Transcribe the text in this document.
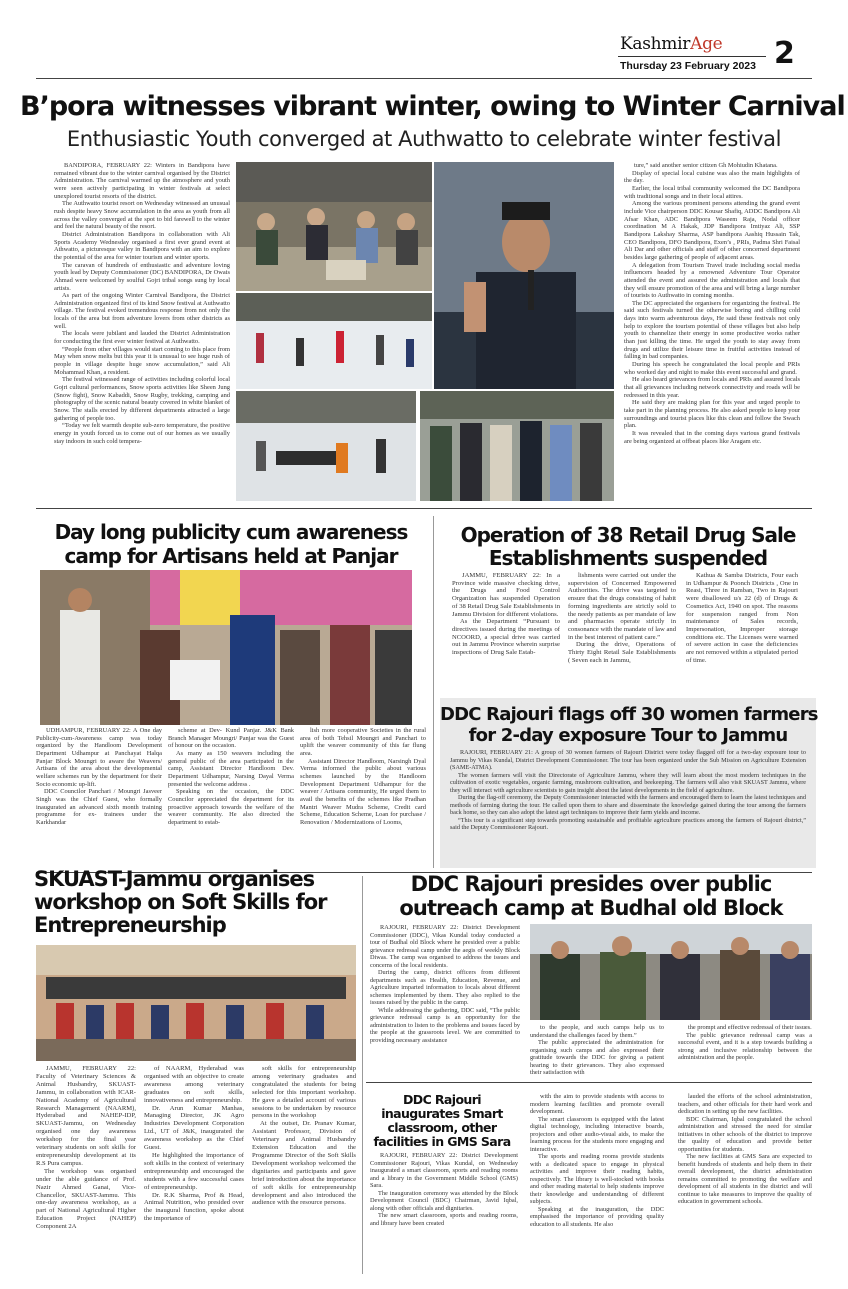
KashmirAge
Thursday 23 February 2023 2
B’pora witnesses vibrant winter, owing to Winter Carnival
Enthusiastic Youth converged at Authwatto to celebrate winter festival

BANDIPORA, FEBRUARY 22: Winters in Bandipora have remained vibrant due to the winter carnival organised by the District Administration. The carnival warmed up the atmosphere and youth were seen actively participating in winter festivals at select unexplored tourist resorts of the district.

The Authwatto tourist resort on Wednesday witnessed an unusual rush despite heavy Snow accumulation in the area as youth from all across the valley converged at the spot to bid farewell to the winter and feel the natural beauty of the resort.

District Administration Bandipora in collaboration with Ali Sports Academy Wednesday organised a first ever grand event at Athwatto, a picturesque valley in Bandipora with an aim to explore the potential of the area for winter tourism and winter sports.

The caravan of hundreds of enthusiastic and adventure loving youth lead by Deputy Commissioner (DC) BANDIPORA, Dr Owais Ahmad were welcomed by soulful Gojri tribal songs sung by local artists.

As part of the ongoing Winter Carnival Bandipora, the District Administration organized first of its kind Snow festival at Authwatto village. The festival evoked tremendous response from not only the locals of the area but from adventure lovers from other districts as well.

The locals were jubilant and lauded the District Administration for conducting the first ever winter festival at Authwatto.

“People from other villages would start coming to this place from May when snow melts but this year it is unusual to see huge rush of people in village despite huge snow accumulation,” said Ali Mohammad Khan, a resident.

The festival witnessed range of activities including colorful local Gojri cultural performances, Snow sports activities like Sheen Jung (Snow fight), Snow Kabaddi, Snow Rugby, trekking, camping and photography of the scenic natural beauty covered in white blanket of Snow. The stalls erected by different departments attracted a large gathering of people too.

“Today we felt warmth despite sub-zero temperature, the positive energy in youth forced us to come out of our homes as we usually stay indoors in such cold tempera-

ture,” said another senior citizen Gh Mohiudin Khatana.

Display of special local cuisine was also the main highlights of the day.

Earlier, the local tribal community welcomed the DC Bandipora with traditional songs and in their local attires.

Among the various prominent persons attending the grand event include Vice chairperson DDC Kousar Shafiq, ADDC Bandipora Ali Afsar Khan, ADC Bandipora Waseem Raja, Nodal officer coordination M A Hakak, JDP Bandipora Imtiyaz Ali, SSP Bandipora Lakshay Sharma, ASP bandipora Aashiq Hussain Tak, CEO Bandipora, DFO Bandipora, Exen’s , PRIs, Padma Shri Faisal Ali Dar and other officials and staff of other concerned department besides large gathering of people of adjacent areas.

A delegation from Tourism Travel trade including social media influencers headed by a renowned Adventure Tour Operator attended the event and assured the administration and locals that they will ensure promotion of the area and will bring a large number of tourists to Authwatto in coming months.

The DC appreciated the organisers for organizing the festival. He said such festivals turned the otherwise boring and chilling cold days into warm adventurous days, He said these festivals not only help to explore the tourism potential of these villages but also help youth to channelize their energy in some productive works rather than just killing the time. He urged the youth to stay away from drugs and utilize their leisure time in fruitful activities instead of falling in bad companies.

During his speech he congratulated the local people and PRIs who worked day and night to make this event successful and grand.

He also heard grievances from locals and PRIs and assured locals that all grievances including network connectivity and roads will be redressed in this year.

He said they are making plan for this year and urged people to take part in the planning process. He also asked people to keep your surroundings and tourist places like this clean and follow the Swach plan.

It was revealed that in the coming days various grand festivals are being organized at offbeat places like Aragam etc.

Day long publicity cum awareness
camp for Artisans held at Panjar

UDHAMPUR, FEBRUARY 22: A One day Publicity-cum-Awareness camp was today organized by the Handloom Development Department Udhampur at Panchayat Halqa Panjar Block Moungri to aware the Weavers/ Artisans of the area about the developmental welfare schemes run by the department for their Socio economic up-lift.

DDC Councilor Panchari / Moungri Jasveer Singh was the Chief Guest, who formally inaugurated an advanced sixth month training programme for ex- trainees under the Karkhandar

scheme at Dev- Kund Panjar. J&K Bank Branch Manager Moungri/ Panjar was the Guest of honour on the occasion.

As many as 150 weavers including the general public of the area participated in the camp, Assistant Director Handloom Dev. Department Udhampur, Narsing Dayal Verma presented the welcome address .

Speaking on the occasion, the DDC Councilor appreciated the department for its proactive approach towards the welfare of the weaver community. He also directed the department to estab-

lish more cooperative Societies in the rural area of both Tehsil Moungri and Panchari to uplift the weaver community of this far flung area.

Assistant Director Handloom, Narsingh Dyal Verma informed the public about various schemes launched by the Handloom Development Department Udhampur for the weaver / Artisans community, He urged them to avail the benefits of the schemes like Pradhan Mantri Weaver Mudra Scheme, Credit card Scheme, Education Scheme, Loan for purchase / Renovation / Modernizations of Looms,

Operation of 38 Retail Drug Sale
Establishments suspended

JAMMU, FEBRUARY 22: In a Province wide massive checking drive, the Drugs and Food Control Organization has suspended Operation of 38 Retail Drug Sale Establishments in Jammu Division for different violations.

As the Department “Pursuant to directives issued during the meetings of NCOORD, a special drive was carried out in Jammu Province wherein surprise inspections of Drug Sale Estab-

lishments were carried out under the supervision of Concerned Empowered Authorities. The drive was targeted to ensure that the drugs consisting of habit forming ingredients are strictly sold to the needy patients as per mandate of law and pharmacies operate strictly in consonance with the mandate of law and in the best interest of patient care.”

During the drive, Operations of Thirty Eight Retail Sale Establishments ( Seven each in Jammu,

Kathua & Samba Districts, Four each in Udhampur & Poonch Districts , One in Reasi, Three in Ramban, Two in Rajouri were disallowed u/s 22 (d) of Drugs & Cosmetics Act, 1940 on spot. The reasons for suspension ranged from Non maintenance of Sales records, Impersonation, Improper storage conditions etc. The Licenses were warned of severe action in case the deficiencies are not removed within a stipulated period of time.

DDC Rajouri flags off 30 women farmers
for 2-day exposure Tour to Jammu

RAJOURI, FEBRUARY 21: A group of 30 women farmers of Rajouri District were today flagged off for a two-day exposure tour to Jammu by Vikas Kundal, District Development Commissioner. The tour has been organized under the Sub Mission on Agriculture Extension (SAME-ATMA).

The women farmers will visit the Directorate of Agriculture Jammu, where they will learn about the most modern techniques in the cultivation of exotic vegetables, organic farming, mushroom cultivation, and beekeeping. The farmers will also visit SKUAST Jammu, where they will interact with agriculture scientists to gain insight about the latest developments in the field of agriculture.

During the flag-off ceremony, the Deputy Commissioner interacted with the farmers and encouraged them to learn the latest techniques and methods of farming during the tour. He called upon them to share and disseminate the knowledge gained during the tour among the farmers back home, so they can also adopt the latest agri techniques to improve their farm yields and income.

“This tour is a significant step towards promoting sustainable and profitable agriculture practices among the farmers of Rajouri district,” said the Deputy Commissioner Rajouri.

SKUAST-Jammu organises
workshop on Soft Skills for
Entrepreneurship

JAMMU, FEBRUARY 22: Faculty of Veterinary Sciences & Animal Husbandry, SKUAST-Jammu, in collaboration with ICAR-National Academy of Agricultural Research Management (NAARM), Hyderabad and NAHEP-IDP, SKUAST-Jammu, on Wednesday organised one day awareness workshop for the final year veterinary students on soft skills for entrepreneurship development at its R.S Pura campus.

The workshop was organised under the able guidance of Prof. Nazir Ahmed Ganai, Vice-Chancellor, SKUAST-Jammu. This one-day awareness workshop, as a part of National Agricultural Higher Education Project (NAHEP) Component 2A

of NAARM, Hyderabad was organised with an objective to create awareness among veterinary graduates on soft skills, innovativeness and entrepreneurship.

Dr. Arun Kumar Manhas, Managing Director, JK Agro Industries Development Corporation Ltd., UT of J&K, inaugurated the awareness workshop as the Chief Guest.

He highlighted the importance of soft skills in the context of veterinary entrepreneurship and encouraged the students with a few successful cases of entrepreneurship.

Dr. R.K Sharma, Prof & Head, Animal Nutrition, who presided over the inaugural function, spoke about the importance of

soft skills for entrepreneurship among veterinary graduates and congratulated the students for being selected for this important workshop. He gave a detailed account of various sessions to be undertaken by resource persons in the workshop

At the outset, Dr. Pranav Kumar, Assistant Professor, Division of Veterinary and Animal Husbandry Extension Education and the Programme Director of the Soft Skills Development workshop welcomed the dignitaries and participants and gave brief introduction about the importance of soft skills for entrepreneurship development and also introduced the audience with the resource persons.

DDC Rajouri presides over public
outreach camp at Budhal old Block

RAJOURI, FEBRUARY 22: District Development Commissioner (DDC), Vikas Kundal today conducted a tour of Budhal old Block where he presided over a public grievance redressal camp under the aegis of weekly Block Diwas. The camp was organised to address the issues and concerns of the local residents.

During the camp, district officers from different departments such as Health, Education, Revenue, and Agriculture imparted information to locals about different schemes implemented by them. They also replied to the issues raised by the public in the camp.

While addressing the gathering, DDC said, “The public grievance redressal camp is an opportunity for the administration to listen to the problems and issues faced by the people at the grassroots level. We are committed to providing necessary assistance

to the people, and such camps help us to understand the challenges faced by them.”

The public appreciated the administration for organising such camps and also expressed their gratitude towards the DDC for giving a patient hearing to their grievances. They also expressed their satisfaction with

the prompt and effective redressal of their issues.

The public grievance redressal camp was a successful event, and it is a step towards building a strong and inclusive relationship between the administration and the people.

DDC Rajouri
inaugurates Smart
classroom, other
facilities in GMS Sara

RAJOURI, FEBRUARY 22: District Development Commissioner Rajouri, Vikas Kundal, on Wednesday inaugurated a smart classroom, sports and reading rooms and a library in the Government Middle School (GMS) Sara.

The inauguration ceremony was attended by the Block Development Council (BDC) Chairman, Javid Iqbal, along with other officials and dignitaries.

The new smart classroom, sports and reading rooms, and library have been created

with the aim to provide students with access to modern learning facilities and promote overall development.

The smart classroom is equipped with the latest digital technology, including interactive boards, projectors and other audio-visual aids, to make the learning process for the students more engaging and interactive.

The sports and reading rooms provide students with a dedicated space to engage in physical activities and improve their reading habits, respectively. The library is well-stocked with books and other reading material to help students improve their knowledge and understanding of different subjects.

Speaking at the inauguration, the DDC emphasised the importance of providing quality education to all students. He also

lauded the efforts of the school administration, teachers, and other officials for their hard work and dedication in setting up the new facilities.

BDC Chairman, Iqbal congratulated the school administration and stressed the need for similar initiatives in other schools of the district to improve the quality of education and provide better opportunities for students.

The new facilities at GMS Sara are expected to benefit hundreds of students and help them in their overall development, the district administration remains committed to promoting the welfare and development of all students in the district and will continue to take measures to improve the quality of education in government schools.
